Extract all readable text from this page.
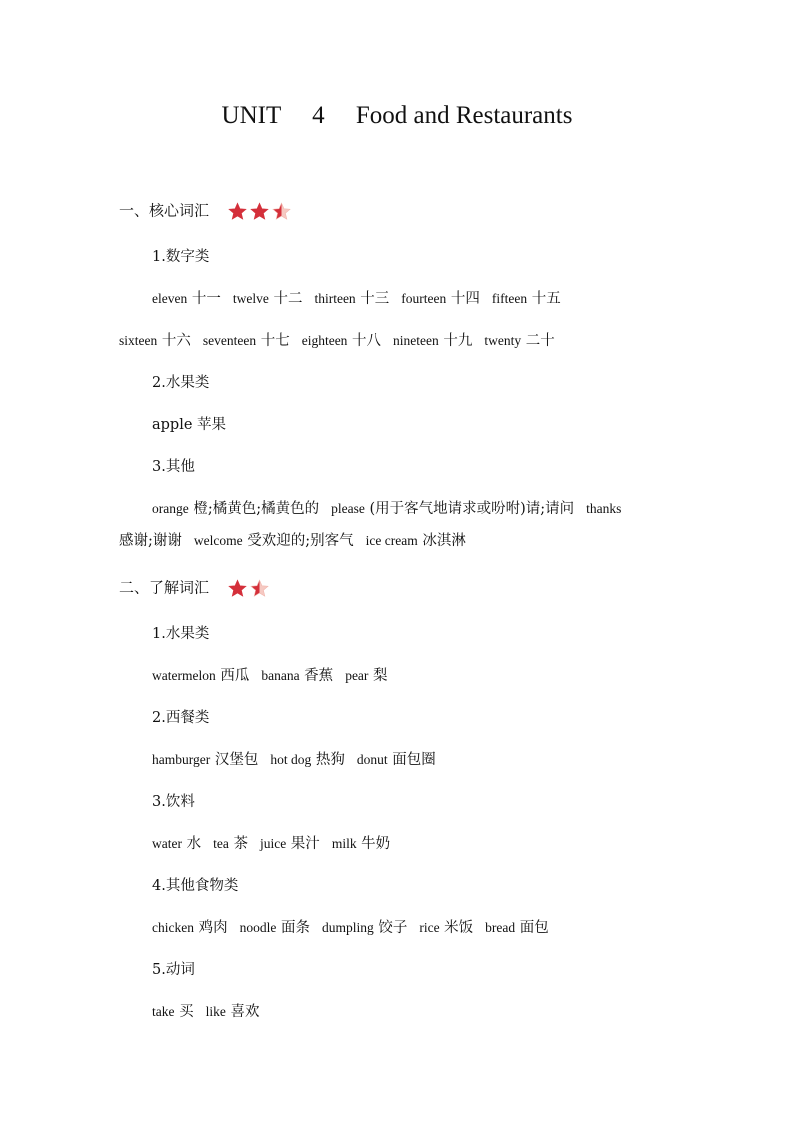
UNIT 4 Food and Restaurants
一、核心词汇
1.数字类
eleven 十一 twelve 十二 thirteen 十三 fourteen 十四 fifteen 十五
sixteen 十六 seventeen 十七 eighteen 十八 nineteen 十九 twenty 二十
2.水果类
apple 苹果
3.其他
orange 橙;橘黄色;橘黄色的 please (用于客气地请求或吩咐)请;请问 thanks
感谢;谢谢 welcome 受欢迎的;别客气 ice cream 冰淇淋
二、了解词汇
1.水果类
watermelon 西瓜 banana 香蕉 pear 梨
2.西餐类
hamburger 汉堡包 hot dog 热狗 donut 面包圈
3.饮料
water 水 tea 茶 juice 果汁 milk 牛奶
4.其他食物类
chicken 鸡肉 noodle 面条 dumpling 饺子 rice 米饭 bread 面包
5.动词
take 买 like 喜欢
